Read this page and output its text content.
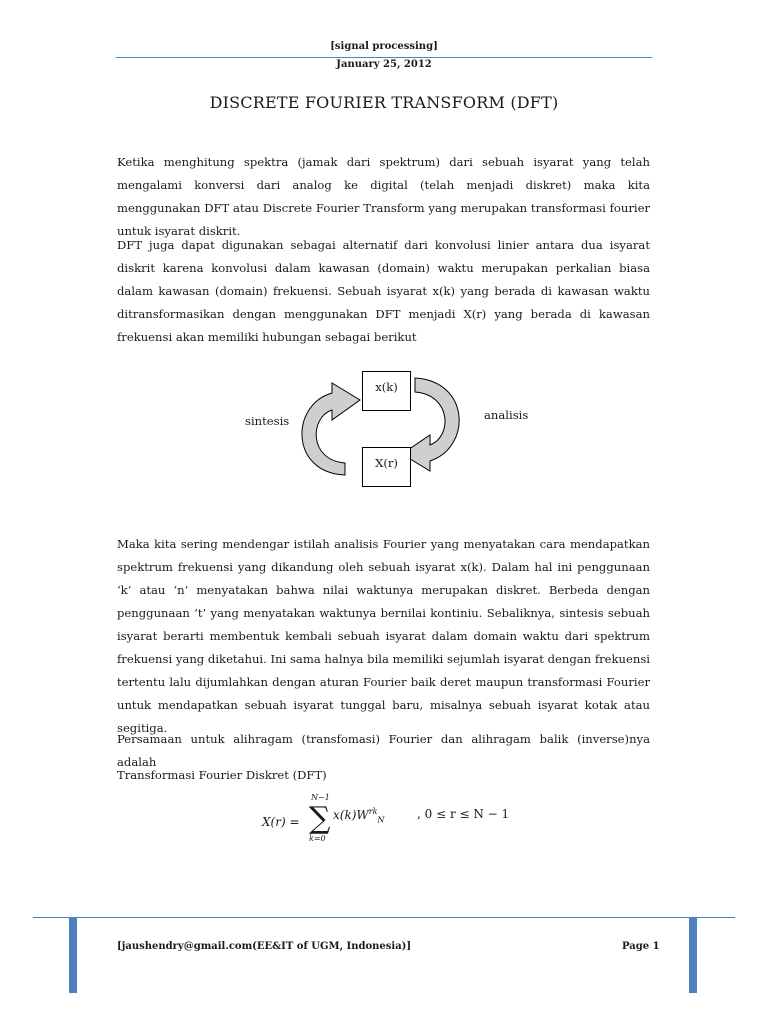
[signal processing]
January 25, 2012
DISCRETE FOURIER TRANSFORM (DFT)
Ketika menghitung spektra (jamak dari spektrum) dari sebuah isyarat yang telah mengalami konversi dari analog ke digital (telah menjadi diskret) maka kita menggunakan DFT atau Discrete Fourier Transform yang merupakan transformasi fourier untuk isyarat diskrit.
DFT juga dapat digunakan sebagai alternatif dari konvolusi linier antara dua isyarat diskrit karena konvolusi dalam kawasan (domain) waktu merupakan perkalian biasa dalam kawasan (domain) frekuensi. Sebuah isyarat x(k) yang berada di kawasan waktu ditransformasikan dengan menggunakan DFT menjadi X(r) yang berada di kawasan frekuensi akan memiliki hubungan sebagai berikut
x(k)
X(r)
sintesis	analisis
Maka kita sering mendengar istilah analisis Fourier yang menyatakan cara mendapatkan spektrum frekuensi yang dikandung oleh sebuah isyarat x(k). Dalam hal ini penggunaan ‘k’ atau ‘n’ menyatakan bahwa nilai waktunya merupakan diskret. Berbeda dengan penggunaan ‘t’ yang menyatakan waktunya bernilai kontiniu. Sebaliknya, sintesis sebuah isyarat berarti membentuk kembali sebuah isyarat dalam domain waktu dari spektrum frekuensi yang diketahui. Ini sama halnya bila memiliki sejumlah isyarat dengan frekuensi tertentu lalu dijumlahkan dengan aturan Fourier baik deret maupun transformasi Fourier untuk mendapatkan sebuah isyarat tunggal baru, misalnya sebuah isyarat kotak atau segitiga.
Persamaan untuk alihragam (transfomasi) Fourier dan alihragam balik (inverse)nya adalah
Transformasi Fourier Diskret (DFT)
X(r) =
N−1
∑
k=0
$x(k)W^{rk}_N$	, 0 ≤ r ≤ N − 1
[jaushendry@gmail.com(EE&IT of UGM, Indonesia)]	Page 1
